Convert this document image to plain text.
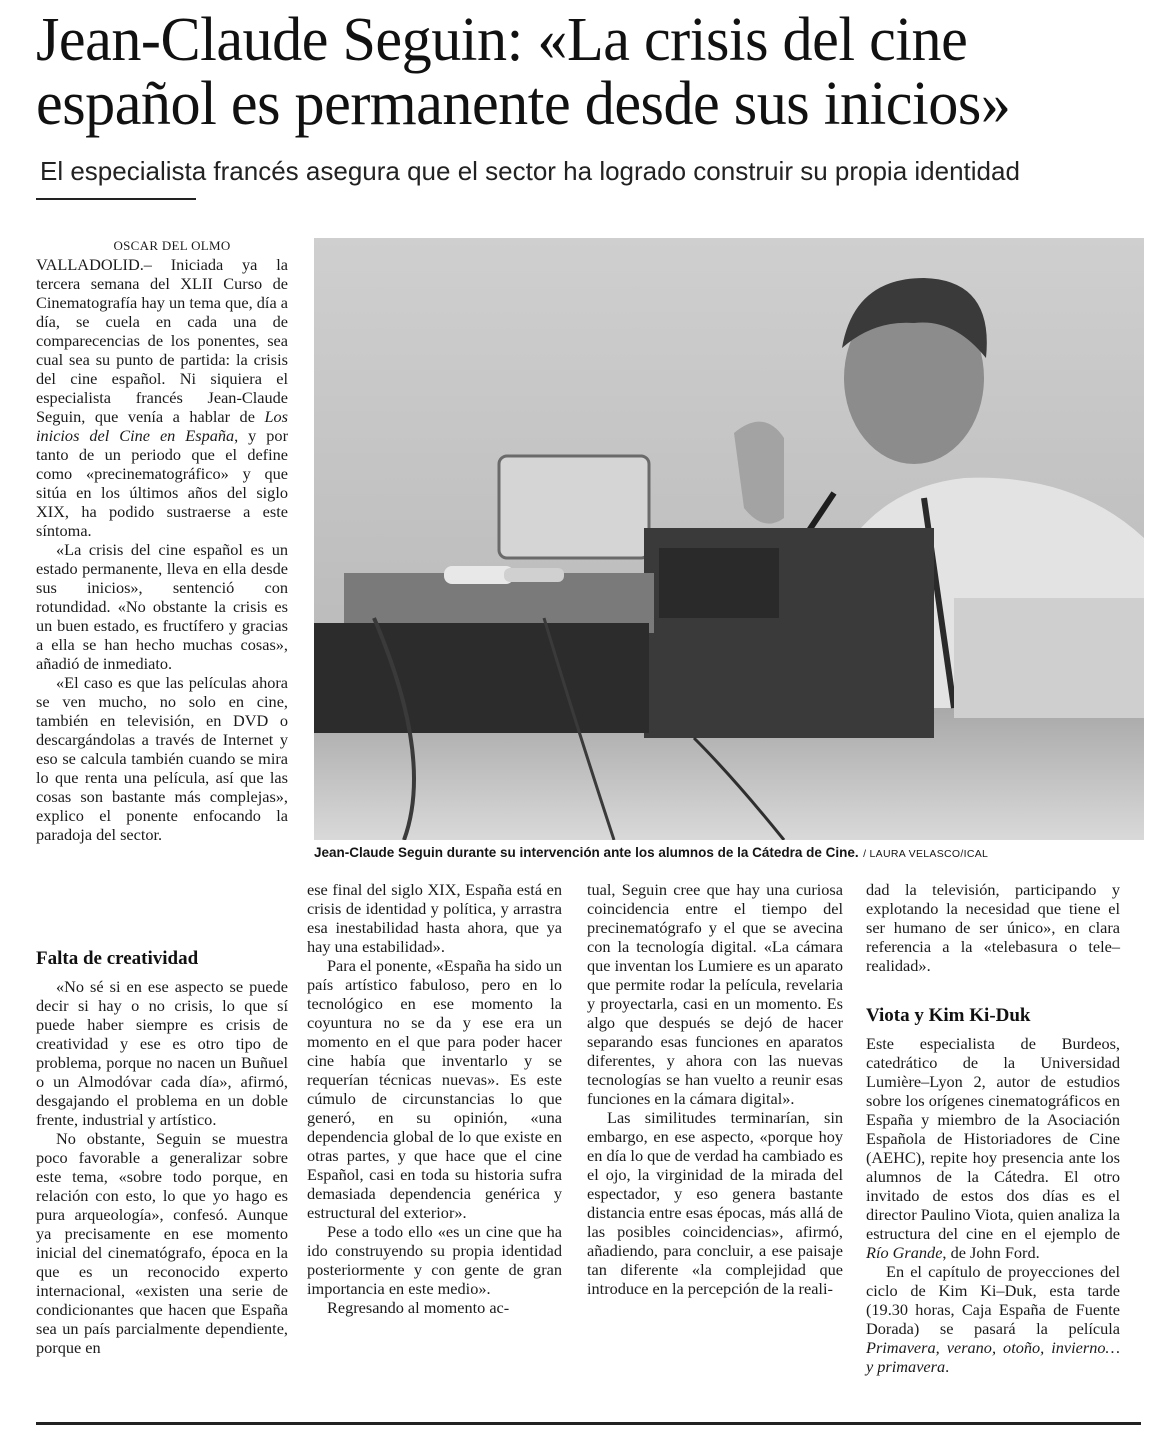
Jean-Claude Seguin: «La crisis del cine
español es permanente desde sus inicios»
El especialista francés asegura que el sector ha logrado construir su propia identidad

OSCAR DEL OLMO

VALLADOLID.– Iniciada ya la tercera semana del XLII Curso de Cinematografía hay un tema que, día a día, se cuela en cada una de comparecencias de los ponentes, sea cual sea su punto de partida: la crisis del cine español. Ni siquiera el especialista francés Jean-Claude Seguin, que venía a hablar de Los inicios del Cine en España, y por tanto de un periodo que el define como «precinematográfico» y que sitúa en los últimos años del siglo XIX, ha podido sustraerse a este síntoma.

«La crisis del cine español es un estado permanente, lleva en ella desde sus inicios», sentenció con rotundidad. «No obstante la crisis es un buen estado, es fructífero y gracias a ella se han hecho muchas cosas», añadió de inmediato.

«El caso es que las películas ahora se ven mucho, no solo en cine, también en televisión, en DVD o descargándolas a través de Internet y eso se calcula también cuando se mira lo que renta una película, así que las cosas son bastante más complejas», explico el ponente enfocando la paradoja del sector.

Falta de creatividad

«No sé si en ese aspecto se puede decir si hay o no crisis, lo que sí puede haber siempre es crisis de creatividad y ese es otro tipo de problema, porque no nacen un Buñuel o un Almodóvar cada día», afirmó, desgajando el problema en un doble frente, industrial y artístico.

No obstante, Seguin se muestra poco favorable a generalizar sobre este tema, «sobre todo porque, en relación con esto, lo que yo hago es pura arqueología», confesó. Aunque ya precisamente en ese momento inicial del cinematógrafo, época en la que es un reconocido experto internacional, «existen una serie de condicionantes que hacen que España sea un país parcialmente dependiente, porque en

Jean-Claude Seguin durante su intervención ante los alumnos de la Cátedra de Cine. / LAURA VELASCO/ICAL

ese final del siglo XIX, España está en crisis de identidad y política, y arrastra esa inestabilidad hasta ahora, que ya hay una estabilidad».

Para el ponente, «España ha sido un país artístico fabuloso, pero en lo tecnológico en ese momento la coyuntura no se da y ese era un momento en el que para poder hacer cine había que inventarlo y se requerían técnicas nuevas». Es este cúmulo de circunstancias lo que generó, en su opinión, «una dependencia global de lo que existe en otras partes, y que hace que el cine Español, casi en toda su historia sufra demasiada dependencia genérica y estructural del exterior».

Pese a todo ello «es un cine que ha ido construyendo su propia identidad posteriormente y con gente de gran importancia en este medio».

Regresando al momento ac-

tual, Seguin cree que hay una curiosa coincidencia entre el tiempo del precinematógrafo y el que se avecina con la tecnología digital. «La cámara que inventan los Lumiere es un aparato que permite rodar la película, revelaria y proyectarla, casi en un momento. Es algo que después se dejó de hacer separando esas funciones en aparatos diferentes, y ahora con las nuevas tecnologías se han vuelto a reunir esas funciones en la cámara digital».

Las similitudes terminarían, sin embargo, en ese aspecto, «porque hoy en día lo que de verdad ha cambiado es el ojo, la virginidad de la mirada del espectador, y eso genera bastante distancia entre esas épocas, más allá de las posibles coincidencias», afirmó, añadiendo, para concluir, a ese paisaje tan diferente «la complejidad que introduce en la percepción de la reali-

dad la televisión, participando y explotando la necesidad que tiene el ser humano de ser único», en clara referencia a la «telebasura o tele–realidad».

Viota y Kim Ki-Duk

Este especialista de Burdeos, catedrático de la Universidad Lumière–Lyon 2, autor de estudios sobre los orígenes cinematográficos en España y miembro de la Asociación Española de Historiadores de Cine (AEHC), repite hoy presencia ante los alumnos de la Cátedra. El otro invitado de estos dos días es el director Paulino Viota, quien analiza la estructura del cine en el ejemplo de Río Grande, de John Ford.

En el capítulo de proyecciones del ciclo de Kim Ki–Duk, esta tarde (19.30 horas, Caja España de Fuente Dorada) se pasará la película Primavera, verano, otoño, invierno… y primavera.
